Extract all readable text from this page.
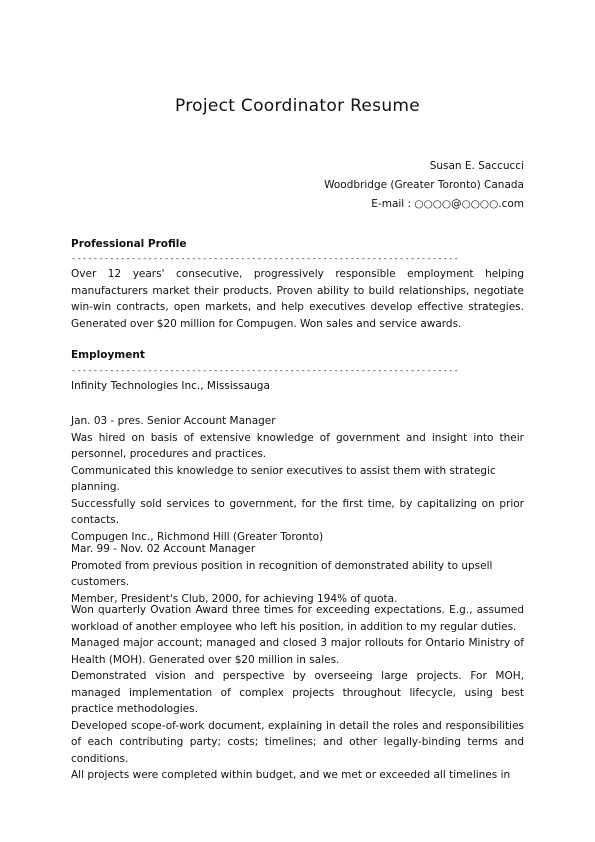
Project Coordinator Resume
Susan E. Saccucci
Woodbridge (Greater Toronto) Canada
E-mail : ○○○○@○○○○.com
Professional Profile
-----------------------------------------------------------------------

Over 12 years' consecutive, progressively responsible employment helping manufacturers market their products. Proven ability to build relationships, negotiate win-win contracts, open markets, and help executives develop effective strategies. Generated over $20 million for Compugen. Won sales and service awards.

Employment
-----------------------------------------------------------------------

Infinity Technologies Inc., Mississauga

Jan. 03 - pres. Senior Account Manager

Was hired on basis of extensive knowledge of government and insight into their personnel, procedures and practices.

Communicated this knowledge to senior executives to assist them with strategic planning.

Successfully sold services to government, for the first time, by capitalizing on prior contacts.

Compugen Inc., Richmond Hill (Greater Toronto)

Mar. 99 - Nov. 02 Account Manager

Promoted from previous position in recognition of demonstrated ability to upsell customers.

Member, President's Club, 2000, for achieving 194% of quota.

Won quarterly Ovation Award three times for exceeding expectations. E.g., assumed workload of another employee who left his position, in addition to my regular duties.

Managed major account; managed and closed 3 major rollouts for Ontario Ministry of Health (MOH). Generated over $20 million in sales.

Demonstrated vision and perspective by overseeing large projects. For MOH, managed implementation of complex projects throughout lifecycle, using best practice methodologies.

Developed scope-of-work document, explaining in detail the roles and responsibilities of each contributing party; costs; timelines; and other legally-binding terms and conditions.

All projects were completed within budget, and we met or exceeded all timelines in
